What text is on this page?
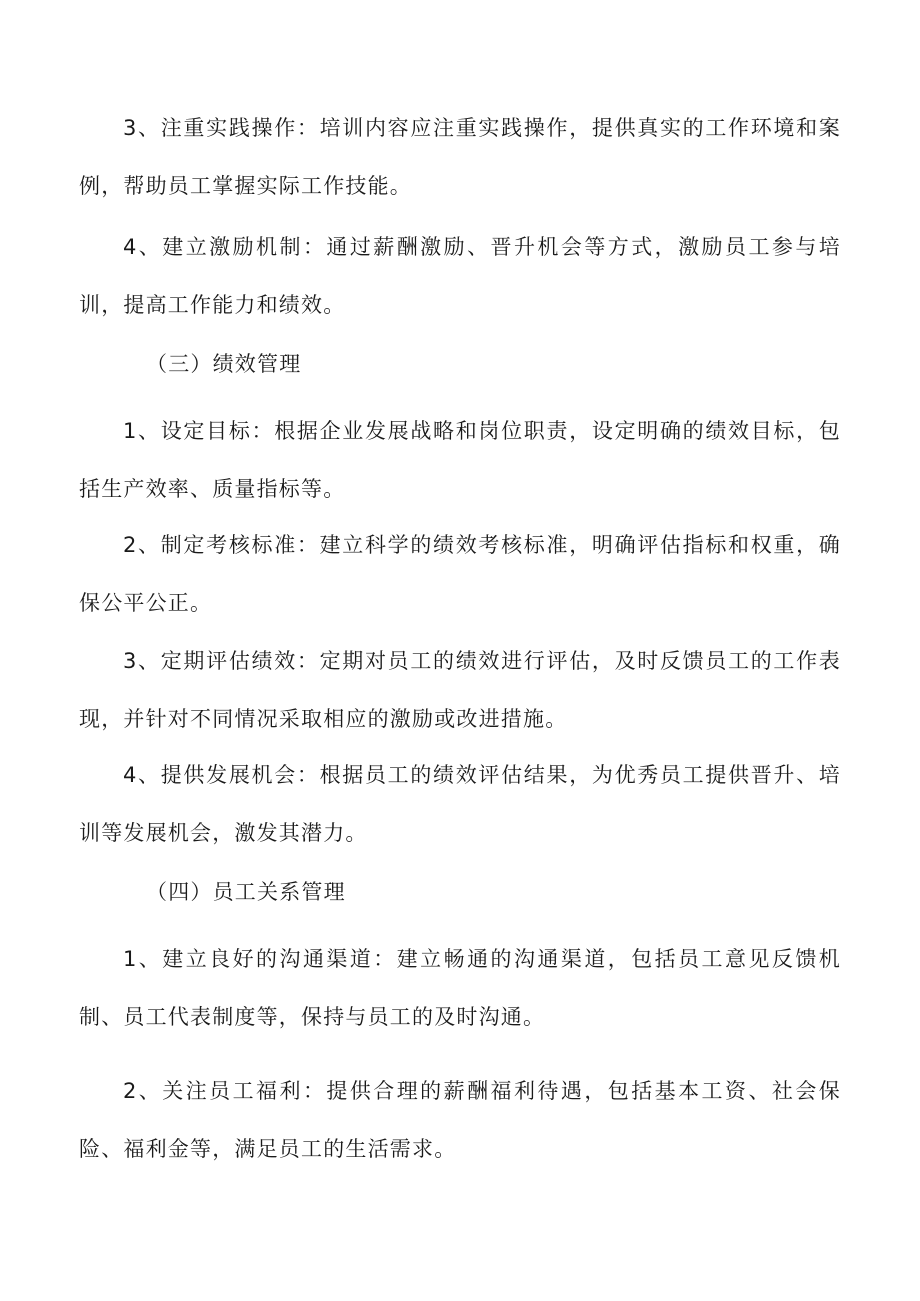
3、注重实践操作：培训内容应注重实践操作，提供真实的工作环境和案例，帮助员工掌握实际工作技能。

4、建立激励机制：通过薪酬激励、晋升机会等方式，激励员工参与培训，提高工作能力和绩效。

（三）绩效管理

1、设定目标：根据企业发展战略和岗位职责，设定明确的绩效目标，包括生产效率、质量指标等。

2、制定考核标准：建立科学的绩效考核标准，明确评估指标和权重，确保公平公正。

3、定期评估绩效：定期对员工的绩效进行评估，及时反馈员工的工作表现，并针对不同情况采取相应的激励或改进措施。

4、提供发展机会：根据员工的绩效评估结果，为优秀员工提供晋升、培训等发展机会，激发其潜力。

（四）员工关系管理

1、建立良好的沟通渠道：建立畅通的沟通渠道，包括员工意见反馈机制、员工代表制度等，保持与员工的及时沟通。

2、关注员工福利：提供合理的薪酬福利待遇，包括基本工资、社会保险、福利金等，满足员工的生活需求。
